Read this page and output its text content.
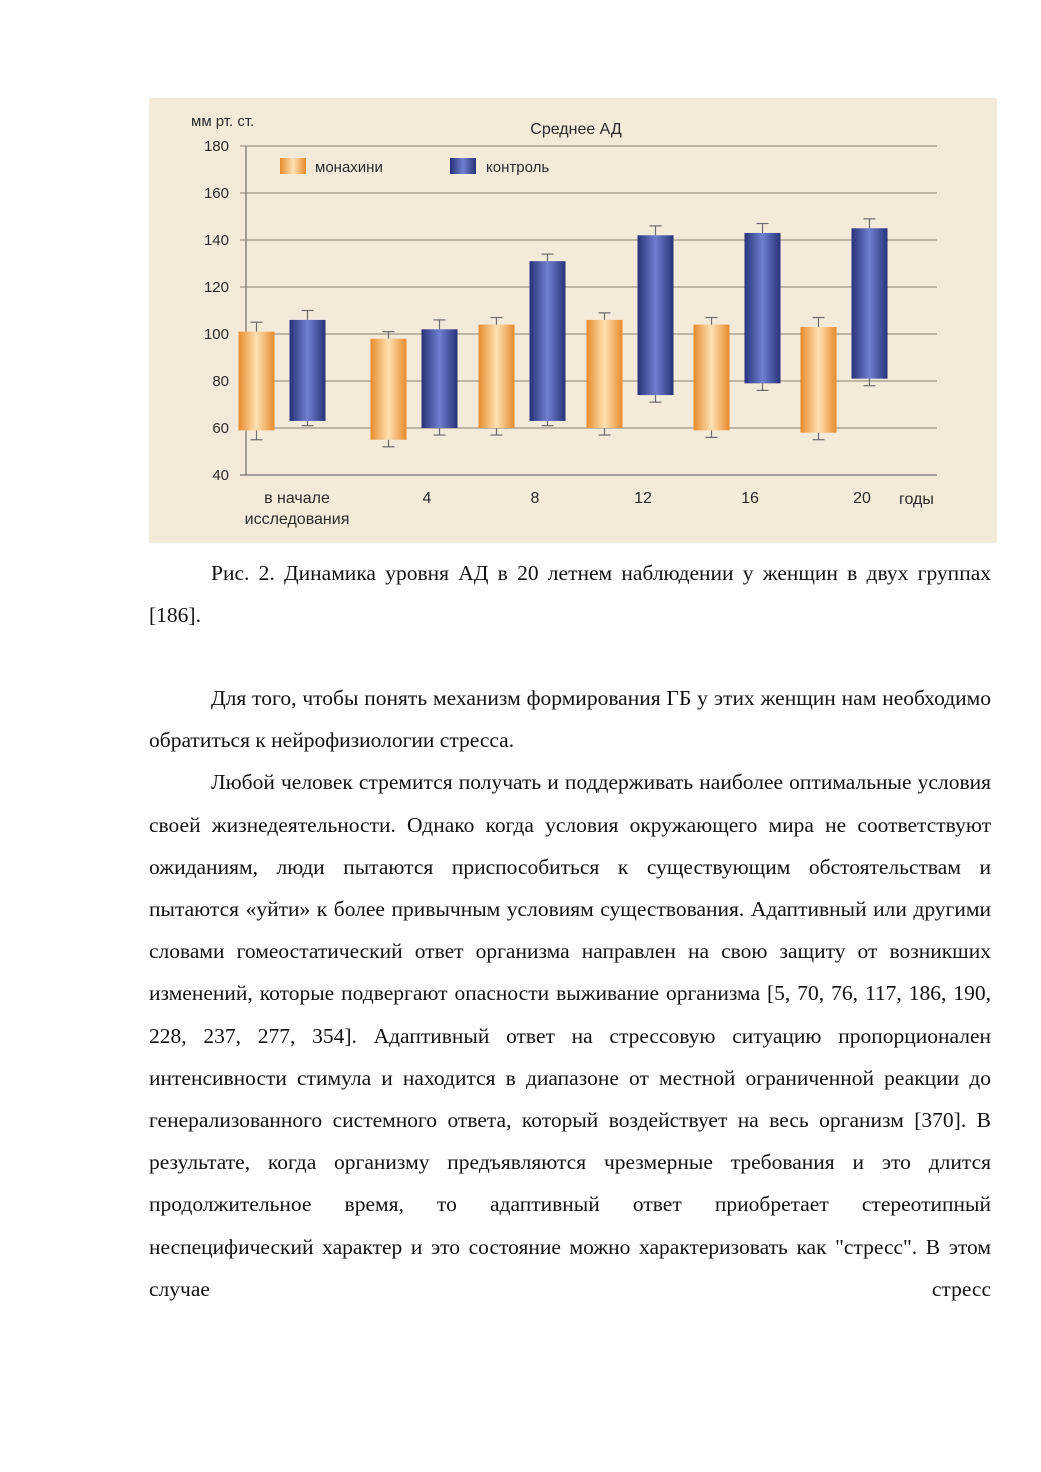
40
60
80
100
120
140
160
180
в начале
исследования
4	8	12	16	20
Среднее АД
мм рт. ст.
годы
монахини	контроль

Рис. 2. Динамика уровня АД в 20 летнем наблюдении у женщин в двух группах [186].

Для того, чтобы понять механизм формирования ГБ у этих женщин нам необходимо обратиться к нейрофизиологии стресса.

Любой человек стремится получать и поддерживать наиболее оптимальные условия своей жизнедеятельности. Однако когда условия окружающего мира не соответствуют ожиданиям, люди пытаются приспособиться к существующим обстоятельствам и пытаются «уйти» к более привычным условиям существования. Адаптивный или другими словами гомеостатический ответ организма направлен на свою защиту от возникших изменений, которые подвергают опасности выживание организма [5, 70, 76, 117, 186, 190, 228, 237, 277, 354]. Адаптивный ответ на стрессовую ситуацию пропорционален интенсивности стимула и находится в диапазоне от местной ограниченной реакции до генерализованного системного ответа, который воздействует на весь организм [370]. В результате, когда организму предъявляются чрезмерные требования и это длится продолжительное время, то адаптивный ответ приобретает стереотипный неспецифический характер и это состояние можно характеризовать как "стресс". В этом случае стресс
